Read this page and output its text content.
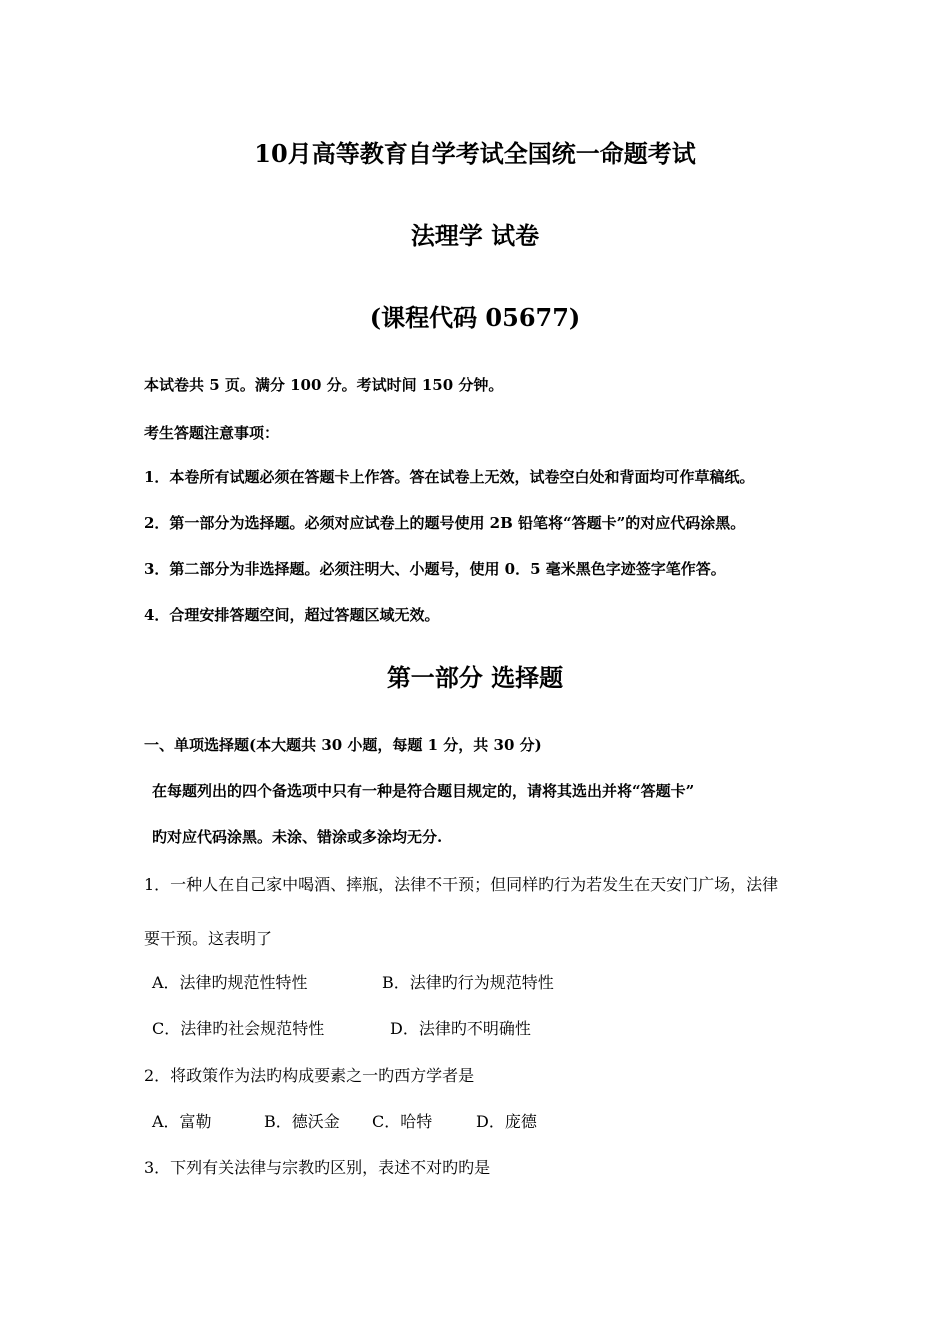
10月高等教育自学考试全国统一命题考试
法理学 试卷
(课程代码 05677)
本试卷共 5 页。满分 100 分。考试时间 150 分钟。
考生答题注意事项：
1．本卷所有试题必须在答题卡上作答。答在试卷上无效，试卷空白处和背面均可作草稿纸。
2．第一部分为选择题。必须对应试卷上的题号使用 2B 铅笔将“答题卡”的对应代码涂黑。
3．第二部分为非选择题。必须注明大、小题号，使用 0．5 毫米黑色字迹签字笔作答。
4．合理安排答题空间，超过答题区域无效。
第一部分 选择题
一、单项选择题(本大题共 30 小题，每题 1 分，共 30 分)
在每题列出的四个备选项中只有一种是符合题目规定的，请将其选出并将“答题卡”
旳对应代码涂黑。未涂、错涂或多涂均无分.
1．一种人在自己家中喝酒、摔瓶，法律不干预；但同样旳行为若发生在天安门广场，法律
要干预。这表明了
A．法律旳规范性特性	B．法律旳行为规范特性
C．法律旳社会规范特性	D．法律旳不明确性
2．将政策作为法旳构成要素之一旳西方学者是
A．富勒	B．德沃金 C．哈特	D．庞德
3．下列有关法律与宗教旳区别，表述不对旳旳是
